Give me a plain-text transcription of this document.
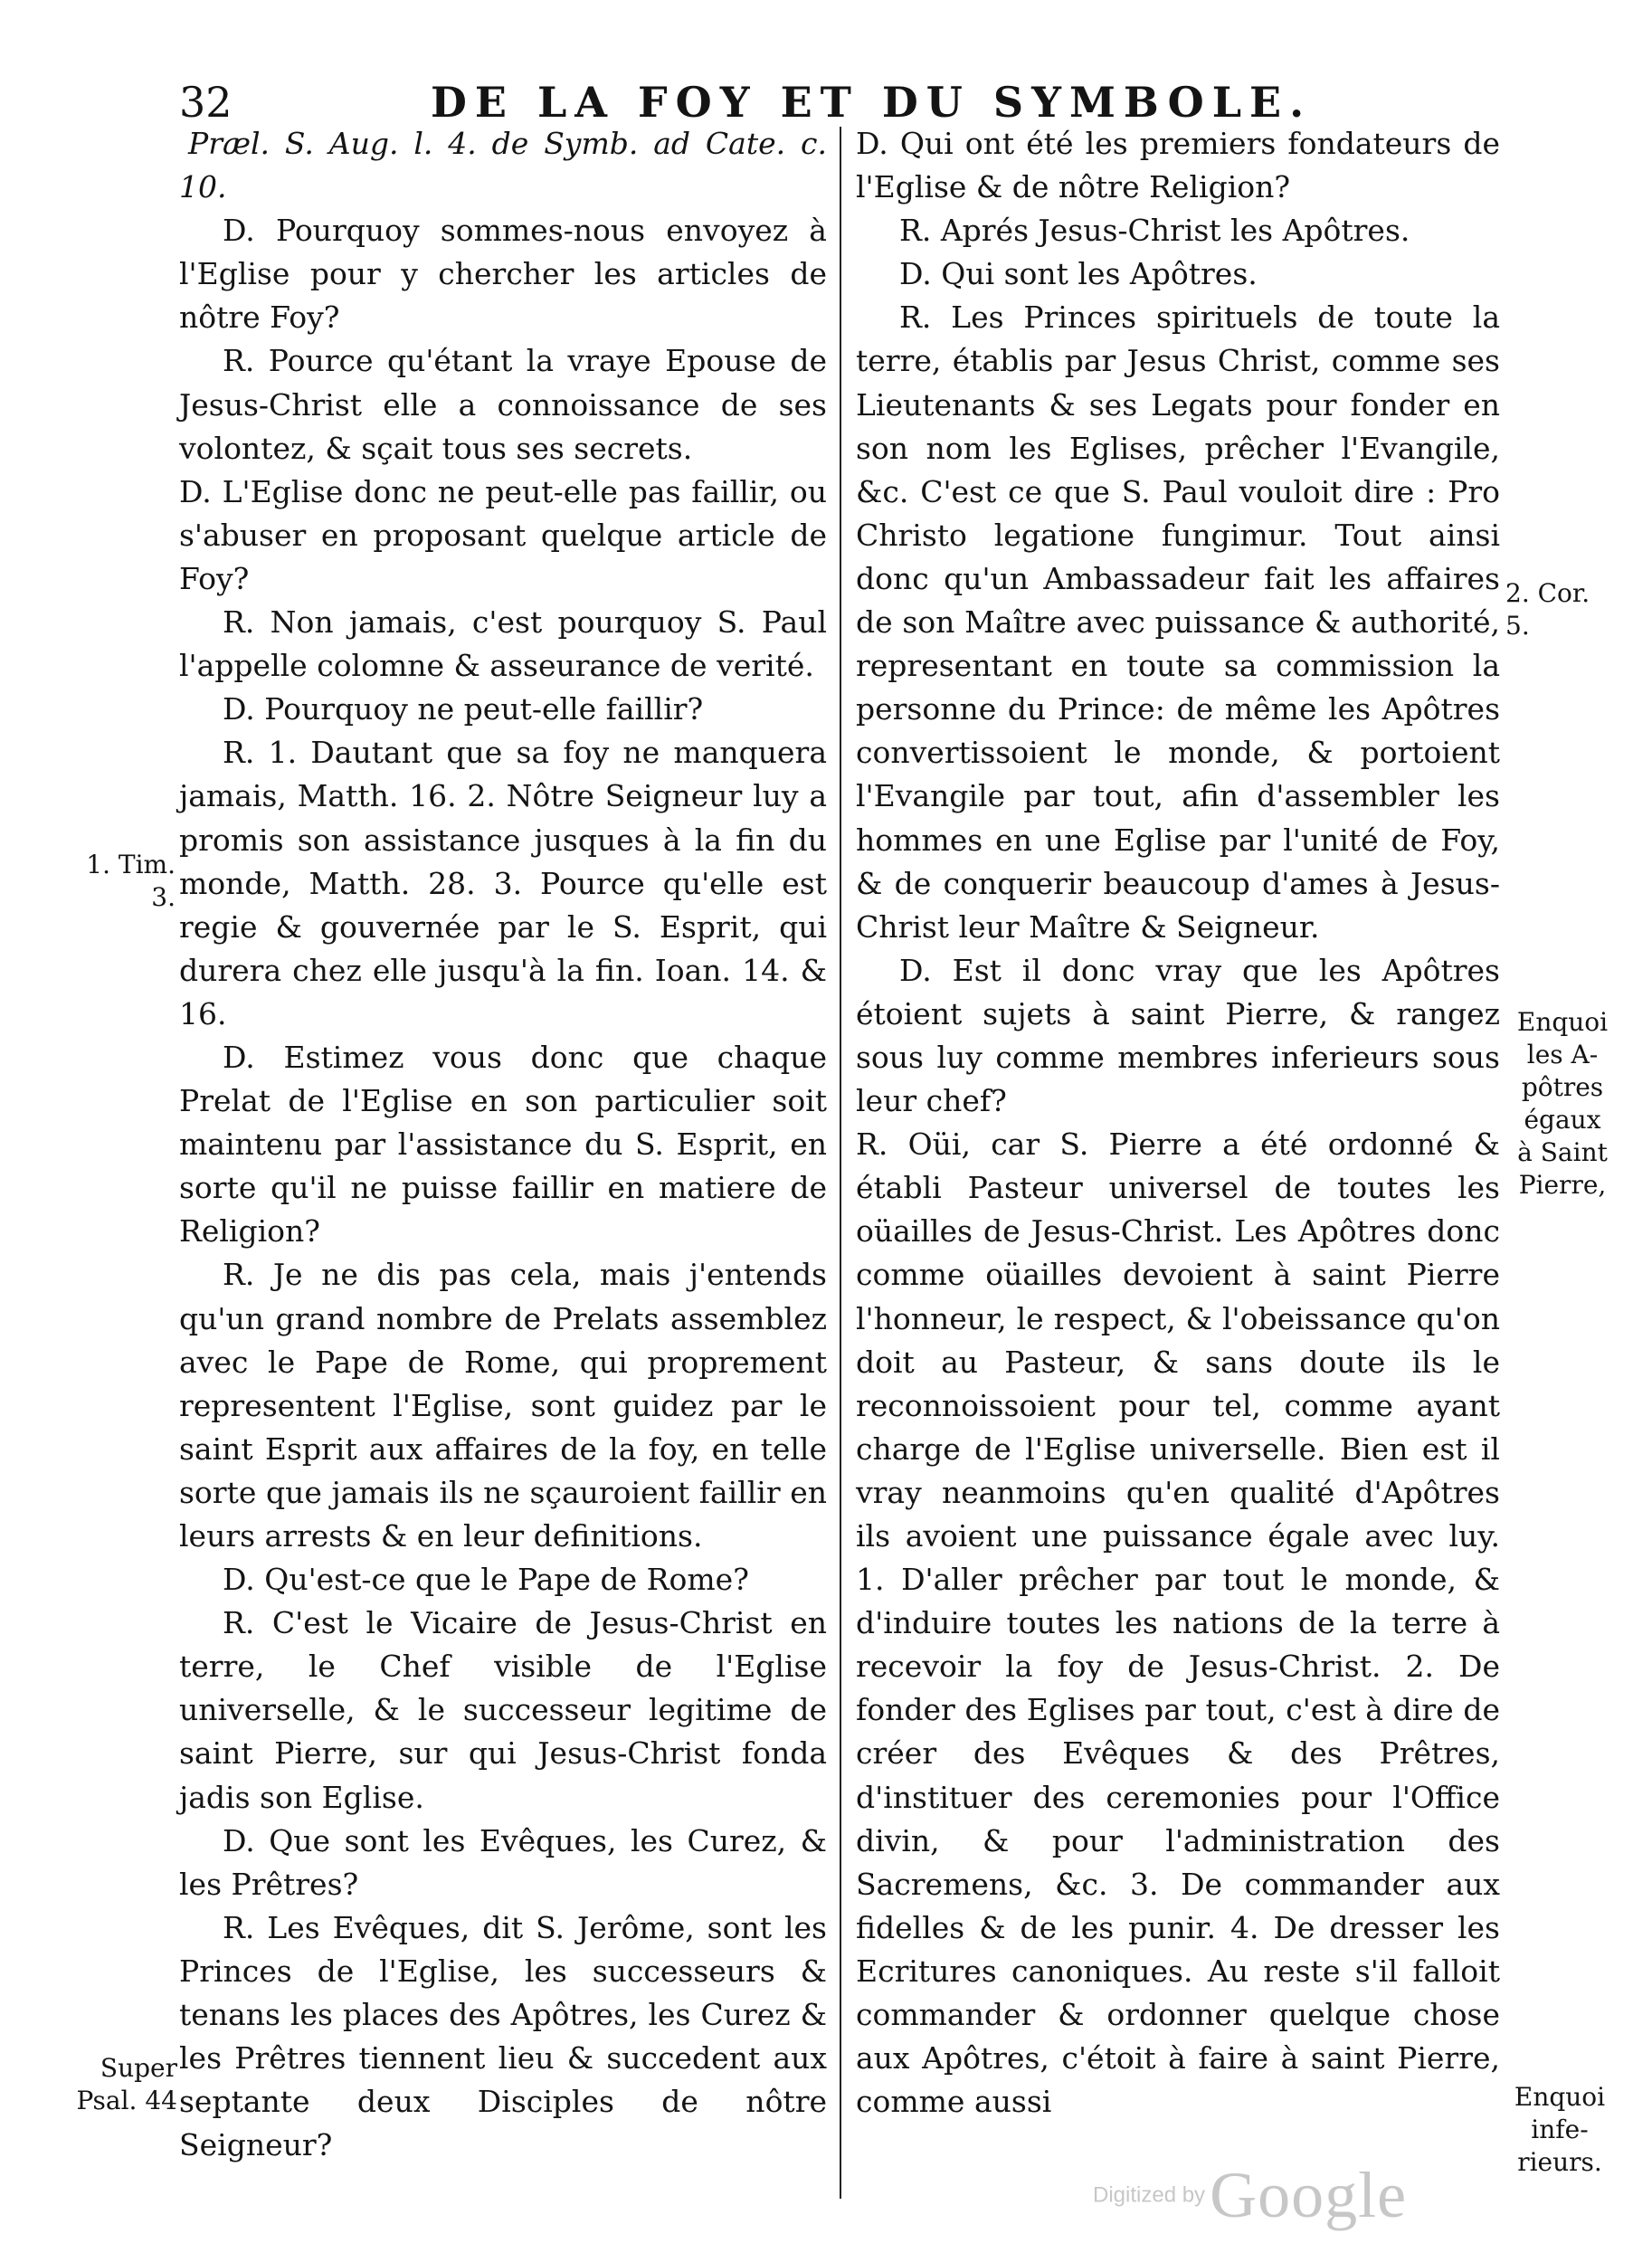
32	DE LA FOY ET DU SYMBOLE.

Præl. S. Aug. l. 4. de Symb. ad Cate. c. 10.

D. Pourquoy sommes-nous envoyez à l'Eglise pour y chercher les articles de nôtre Foy?

R. Pource qu'étant la vraye Epouse de Jesus-Christ elle a connoissance de ses volontez, & sçait tous ses secrets.

D. L'Eglise donc ne peut-elle pas faillir, ou s'abuser en proposant quelque article de Foy?

R. Non jamais, c'est pourquoy S. Paul l'appelle colomne & asseurance de verité.

D. Pourquoy ne peut-elle faillir?

R. 1. Dautant que sa foy ne manquera jamais, Matth. 16. 2. Nôtre Seigneur luy a promis son assistance jusques à la fin du monde, Matth. 28. 3. Pource qu'elle est regie & gouvernée par le S. Esprit, qui durera chez elle jusqu'à la fin. Ioan. 14. & 16.

D. Estimez vous donc que chaque Prelat de l'Eglise en son particulier soit maintenu par l'assistance du S. Esprit, en sorte qu'il ne puisse faillir en matiere de Religion?

R. Je ne dis pas cela, mais j'entends qu'un grand nombre de Prelats assemblez avec le Pape de Rome, qui proprement representent l'Eglise, sont guidez par le saint Esprit aux affaires de la foy, en telle sorte que jamais ils ne sçauroient faillir en leurs arrests & en leur definitions.

D. Qu'est-ce que le Pape de Rome?

R. C'est le Vicaire de Jesus-Christ en terre, le Chef visible de l'Eglise universelle, & le successeur legitime de saint Pierre, sur qui Jesus-Christ fonda jadis son Eglise.

D. Que sont les Evêques, les Curez, & les Prêtres?

R. Les Evêques, dit S. Jerôme, sont les Princes de l'Eglise, les successeurs & tenans les places des Apôtres, les Curez & les Prêtres tiennent lieu & succedent aux septante deux Disciples de nôtre Seigneur?

D. Qui ont été les premiers fondateurs de l'Eglise & de nôtre Religion?

R. Aprés Jesus-Christ les Apôtres.

D. Qui sont les Apôtres.

R. Les Princes spirituels de toute la terre, établis par Jesus Christ, comme ses Lieutenants & ses Legats pour fonder en son nom les Eglises, prêcher l'Evangile, &c. C'est ce que S. Paul vouloit dire : Pro Christo legatione fungimur. Tout ainsi donc qu'un Ambassadeur fait les affaires de son Maître avec puissance & authorité, representant en toute sa commission la personne du Prince: de même les Apôtres convertissoient le monde, & portoient l'Evangile par tout, afin d'assembler les hommes en une Eglise par l'unité de Foy, & de conquerir beaucoup d'ames à Jesus-Christ leur Maître & Seigneur.

D. Est il donc vray que les Apôtres étoient sujets à saint Pierre, & rangez sous luy comme membres inferieurs sous leur chef?

R. Oüi, car S. Pierre a été ordonné & établi Pasteur universel de toutes les oüailles de Jesus-Christ. Les Apôtres donc comme oüailles devoient à saint Pierre l'honneur, le respect, & l'obeissance qu'on doit au Pasteur, & sans doute ils le reconnoissoient pour tel, comme ayant charge de l'Eglise universelle. Bien est il vray neanmoins qu'en qualité d'Apôtres ils avoient une puissance égale avec luy. 1. D'aller prêcher par tout le monde, & d'induire toutes les nations de la terre à recevoir la foy de Jesus-Christ. 2. De fonder des Eglises par tout, c'est à dire de créer des Evêques & des Prêtres, d'instituer des ceremonies pour l'Office divin, & pour l'administration des Sacremens, &c. 3. De commander aux fidelles & de les punir. 4. De dresser les Ecritures canoniques. Au reste s'il falloit commander & ordonner quelque chose aux Apôtres, c'étoit à faire à saint Pierre, comme aussi

1. Tim.
3.
Super
Psal. 44
2. Cor.
5.
Enquoi
les A-
pôtres
égaux
à Saint
Pierre,
Enquoi
infe-
rieurs.
Digitized by Google
